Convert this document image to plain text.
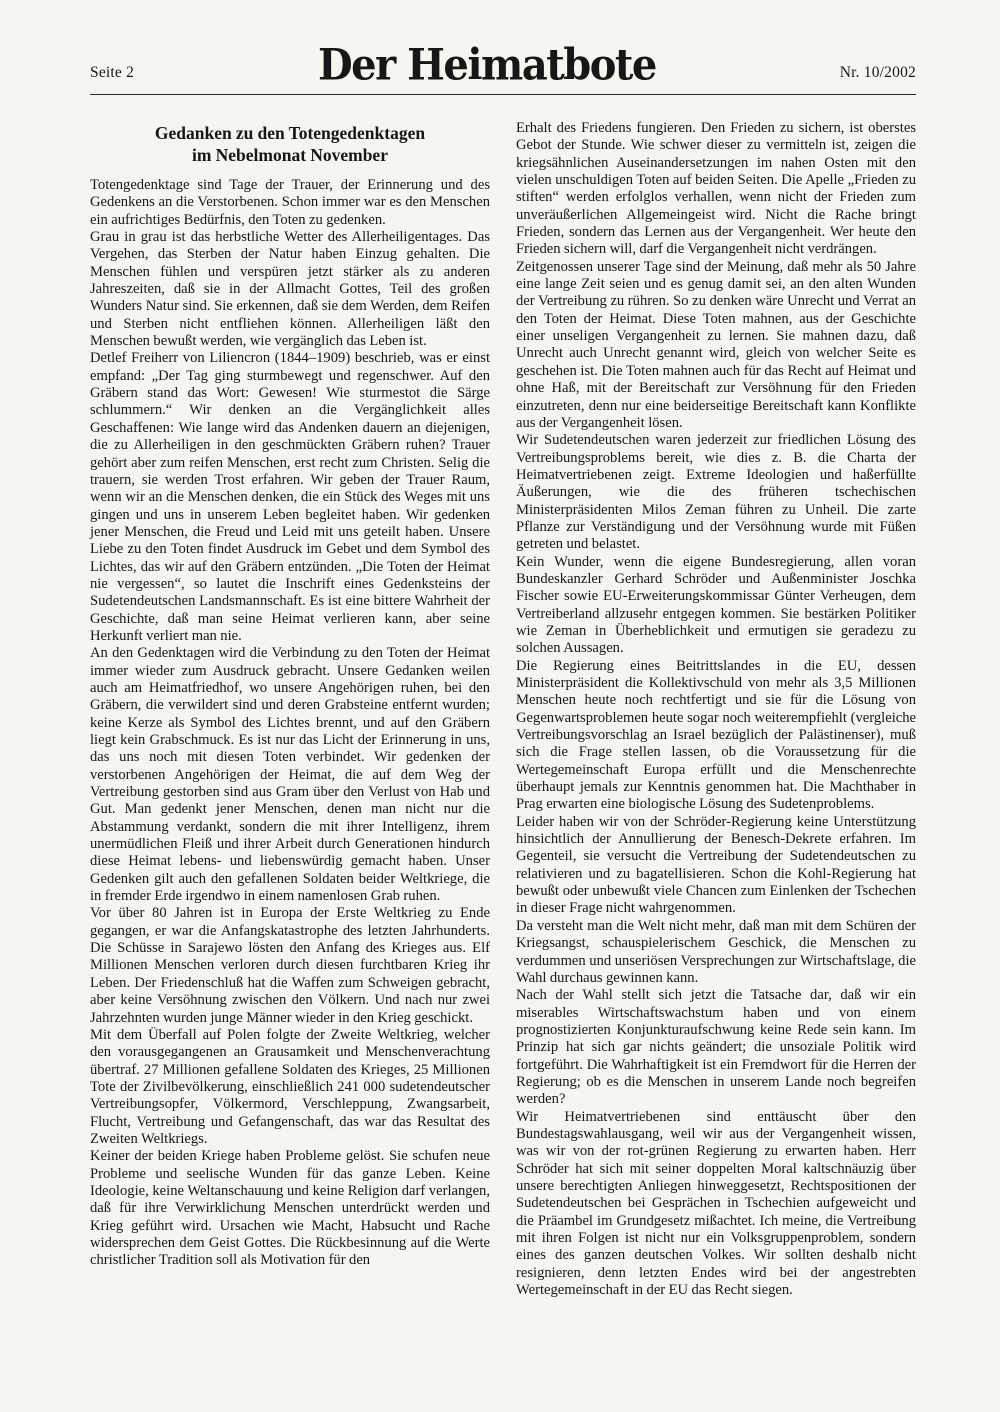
Seite 2	Der Heimatbote	Nr. 10/2002
Gedanken zu den Totengedenktagen
im Nebelmonat November

Totengedenktage sind Tage der Trauer, der Erinnerung und des Gedenkens an die Verstorbenen. Schon immer war es den Menschen ein aufrichtiges Bedürfnis, den Toten zu gedenken.

Grau in grau ist das herbstliche Wetter des Allerheiligentages. Das Vergehen, das Sterben der Natur haben Einzug gehalten. Die Menschen fühlen und verspüren jetzt stärker als zu anderen Jahreszeiten, daß sie in der Allmacht Gottes, Teil des großen Wunders Natur sind. Sie erkennen, daß sie dem Werden, dem Reifen und Sterben nicht entfliehen können. Allerheiligen läßt den Menschen bewußt werden, wie vergänglich das Leben ist.

Detlef Freiherr von Liliencron (1844–1909) beschrieb, was er einst empfand: „Der Tag ging sturmbewegt und regenschwer. Auf den Gräbern stand das Wort: Gewesen! Wie sturmestot die Särge schlummern.“ Wir denken an die Vergänglichkeit alles Geschaffenen: Wie lange wird das Andenken dauern an diejenigen, die zu Allerheiligen in den geschmückten Gräbern ruhen? Trauer gehört aber zum reifen Menschen, erst recht zum Christen. Selig die trauern, sie werden Trost erfahren. Wir geben der Trauer Raum, wenn wir an die Menschen denken, die ein Stück des Weges mit uns gingen und uns in unserem Leben begleitet haben. Wir gedenken jener Menschen, die Freud und Leid mit uns geteilt haben. Unsere Liebe zu den Toten findet Ausdruck im Gebet und dem Symbol des Lichtes, das wir auf den Gräbern entzünden. „Die Toten der Heimat nie vergessen“, so lautet die Inschrift eines Gedenksteins der Sudetendeutschen Landsmannschaft. Es ist eine bittere Wahrheit der Geschichte, daß man seine Heimat verlieren kann, aber seine Herkunft verliert man nie.

An den Gedenktagen wird die Verbindung zu den Toten der Heimat immer wieder zum Ausdruck gebracht. Unsere Gedanken weilen auch am Heimatfriedhof, wo unsere Angehörigen ruhen, bei den Gräbern, die verwildert sind und deren Grabsteine entfernt wurden; keine Kerze als Symbol des Lichtes brennt, und auf den Gräbern liegt kein Grabschmuck. Es ist nur das Licht der Erinnerung in uns, das uns noch mit diesen Toten verbindet. Wir gedenken der verstorbenen Angehörigen der Heimat, die auf dem Weg der Vertreibung gestorben sind aus Gram über den Verlust von Hab und Gut. Man gedenkt jener Menschen, denen man nicht nur die Abstammung verdankt, sondern die mit ihrer Intelligenz, ihrem unermüdlichen Fleiß und ihrer Arbeit durch Generationen hindurch diese Heimat lebens- und liebenswürdig gemacht haben. Unser Gedenken gilt auch den gefallenen Soldaten beider Weltkriege, die in fremder Erde irgendwo in einem namenlosen Grab ruhen.

Vor über 80 Jahren ist in Europa der Erste Weltkrieg zu Ende gegangen, er war die Anfangskatastrophe des letzten Jahrhunderts. Die Schüsse in Sarajewo lösten den Anfang des Krieges aus. Elf Millionen Menschen verloren durch diesen furchtbaren Krieg ihr Leben. Der Friedenschluß hat die Waffen zum Schweigen gebracht, aber keine Versöhnung zwischen den Völkern. Und nach nur zwei Jahrzehnten wurden junge Männer wieder in den Krieg geschickt.

Mit dem Überfall auf Polen folgte der Zweite Weltkrieg, welcher den vorausgegangenen an Grausamkeit und Menschenverachtung übertraf. 27 Millionen gefallene Soldaten des Krieges, 25 Millionen Tote der Zivilbevölkerung, einschließlich 241 000 sudetendeutscher Vertreibungsopfer, Völkermord, Verschleppung, Zwangsarbeit, Flucht, Vertreibung und Gefangenschaft, das war das Resultat des Zweiten Weltkriegs.

Keiner der beiden Kriege haben Probleme gelöst. Sie schufen neue Probleme und seelische Wunden für das ganze Leben. Keine Ideologie, keine Weltanschauung und keine Religion darf verlangen, daß für ihre Verwirklichung Menschen unterdrückt werden und Krieg geführt wird. Ursachen wie Macht, Habsucht und Rache widersprechen dem Geist Gottes. Die Rückbesinnung auf die Werte christlicher Tradition soll als Motivation für den

Erhalt des Friedens fungieren. Den Frieden zu sichern, ist oberstes Gebot der Stunde. Wie schwer dieser zu vermitteln ist, zeigen die kriegsähnlichen Auseinandersetzungen im nahen Osten mit den vielen unschuldigen Toten auf beiden Seiten. Die Apelle „Frieden zu stiften“ werden erfolglos verhallen, wenn nicht der Frieden zum unveräußerlichen Allgemeingeist wird. Nicht die Rache bringt Frieden, sondern das Lernen aus der Vergangenheit. Wer heute den Frieden sichern will, darf die Vergangenheit nicht verdrängen.

Zeitgenossen unserer Tage sind der Meinung, daß mehr als 50 Jahre eine lange Zeit seien und es genug damit sei, an den alten Wunden der Vertreibung zu rühren. So zu denken wäre Unrecht und Verrat an den Toten der Heimat. Diese Toten mahnen, aus der Geschichte einer unseligen Vergangenheit zu lernen. Sie mahnen dazu, daß Unrecht auch Unrecht genannt wird, gleich von welcher Seite es geschehen ist. Die Toten mahnen auch für das Recht auf Heimat und ohne Haß, mit der Bereitschaft zur Versöhnung für den Frieden einzutreten, denn nur eine beiderseitige Bereitschaft kann Konflikte aus der Vergangenheit lösen.

Wir Sudetendeutschen waren jederzeit zur friedlichen Lösung des Vertreibungsproblems bereit, wie dies z. B. die Charta der Heimatvertriebenen zeigt. Extreme Ideologien und haßerfüllte Äußerungen, wie die des früheren tschechischen Ministerpräsidenten Milos Zeman führen zu Unheil. Die zarte Pflanze zur Verständigung und der Versöhnung wurde mit Füßen getreten und belastet.

Kein Wunder, wenn die eigene Bundesregierung, allen voran Bundeskanzler Gerhard Schröder und Außenminister Joschka Fischer sowie EU-Erweiterungskommissar Günter Verheugen, dem Vertreiberland allzusehr entgegen kommen. Sie bestärken Politiker wie Zeman in Überheblichkeit und ermutigen sie geradezu zu solchen Aussagen.

Die Regierung eines Beitrittslandes in die EU, dessen Ministerpräsident die Kollektivschuld von mehr als 3,5 Millionen Menschen heute noch rechtfertigt und sie für die Lösung von Gegenwartsproblemen heute sogar noch weiterempfiehlt (vergleiche Vertreibungsvorschlag an Israel bezüglich der Palästinenser), muß sich die Frage stellen lassen, ob die Voraussetzung für die Wertegemeinschaft Europa erfüllt und die Menschenrechte überhaupt jemals zur Kenntnis genommen hat. Die Machthaber in Prag erwarten eine biologische Lösung des Sudetenproblems.

Leider haben wir von der Schröder-Regierung keine Unterstützung hinsichtlich der Annullierung der Benesch-Dekrete erfahren. Im Gegenteil, sie versucht die Vertreibung der Sudetendeutschen zu relativieren und zu bagatellisieren. Schon die Kohl-Regierung hat bewußt oder unbewußt viele Chancen zum Einlenken der Tschechen in dieser Frage nicht wahrgenommen.

Da versteht man die Welt nicht mehr, daß man mit dem Schüren der Kriegsangst, schauspielerischem Geschick, die Menschen zu verdummen und unseriösen Versprechungen zur Wirtschaftslage, die Wahl durchaus gewinnen kann.

Nach der Wahl stellt sich jetzt die Tatsache dar, daß wir ein miserables Wirtschaftswachstum haben und von einem prognostizierten Konjunkturaufschwung keine Rede sein kann. Im Prinzip hat sich gar nichts geändert; die unsoziale Politik wird fortgeführt. Die Wahrhaftigkeit ist ein Fremdwort für die Herren der Regierung; ob es die Menschen in unserem Lande noch begreifen werden?

Wir Heimatvertriebenen sind enttäuscht über den Bundestagswahlausgang, weil wir aus der Vergangenheit wissen, was wir von der rot-grünen Regierung zu erwarten haben. Herr Schröder hat sich mit seiner doppelten Moral kaltschnäuzig über unsere berechtigten Anliegen hinweggesetzt, Rechtspositionen der Sudetendeutschen bei Gesprächen in Tschechien aufgeweicht und die Präambel im Grundgesetz mißachtet. Ich meine, die Vertreibung mit ihren Folgen ist nicht nur ein Volksgruppenproblem, sondern eines des ganzen deutschen Volkes. Wir sollten deshalb nicht resignieren, denn letzten Endes wird bei der angestrebten Wertegemeinschaft in der EU das Recht siegen.
